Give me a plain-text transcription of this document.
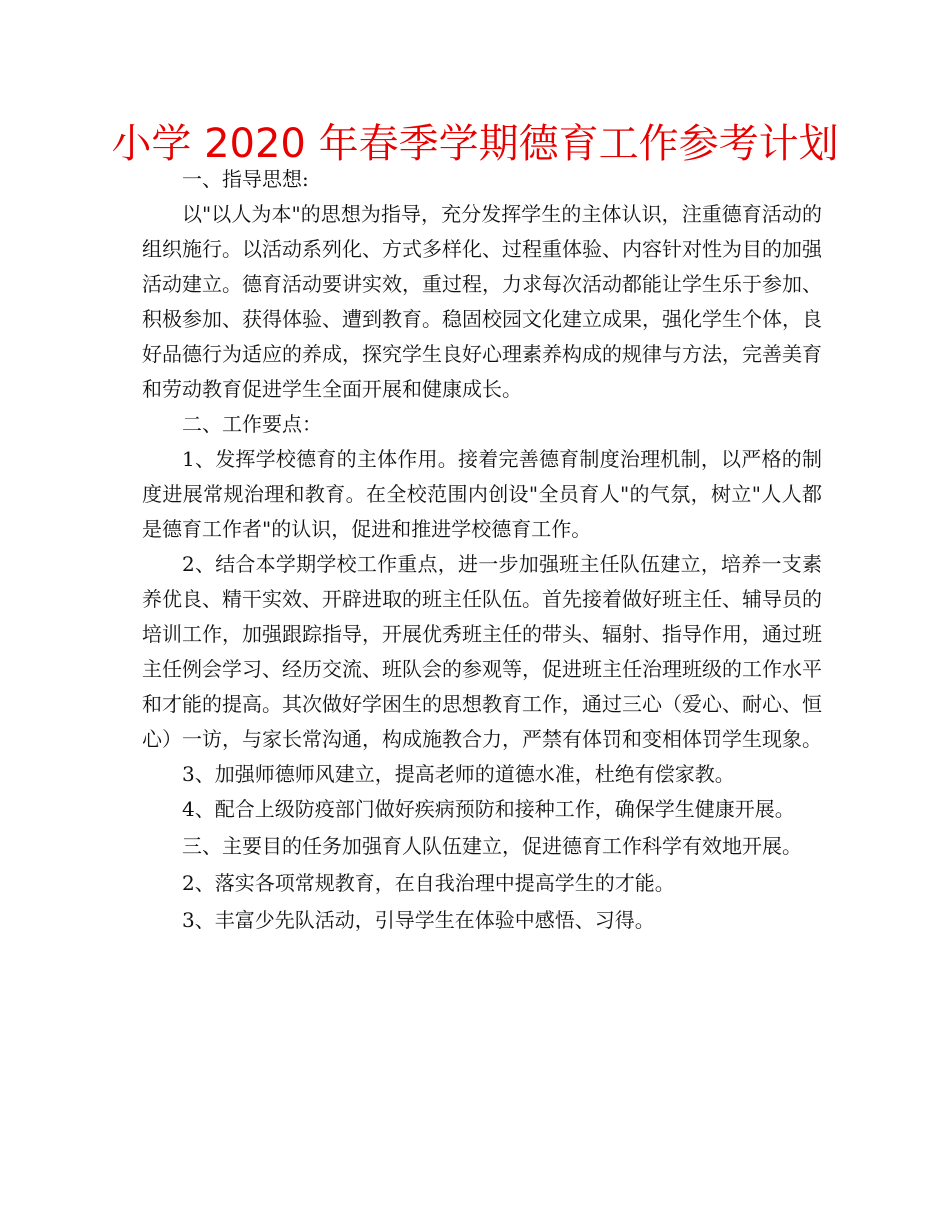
小学 2020 年春季学期德育工作参考计划

一、指导思想:

以"以人为本"的思想为指导，充分发挥学生的主体认识，注重德育活动的组织施行。以活动系列化、方式多样化、过程重体验、内容针对性为目的加强活动建立。德育活动要讲实效，重过程，力求每次活动都能让学生乐于参加、积极参加、获得体验、遭到教育。稳固校园文化建立成果，强化学生个体，良好品德行为适应的养成，探究学生良好心理素养构成的规律与方法，完善美育和劳动教育促进学生全面开展和健康成长。

二、工作要点：

1、发挥学校德育的主体作用。接着完善德育制度治理机制，以严格的制度进展常规治理和教育。在全校范围内创设"全员育人"的气氛，树立"人人都是德育工作者"的认识，促进和推进学校德育工作。

2、结合本学期学校工作重点，进一步加强班主任队伍建立，培养一支素养优良、精干实效、开辟进取的班主任队伍。首先接着做好班主任、辅导员的培训工作，加强跟踪指导，开展优秀班主任的带头、辐射、指导作用，通过班主任例会学习、经历交流、班队会的参观等，促进班主任治理班级的工作水平和才能的提高。其次做好学困生的思想教育工作，通过三心（爱心、耐心、恒心）一访，与家长常沟通，构成施教合力，严禁有体罚和变相体罚学生现象。

3、加强师德师风建立，提高老师的道德水准，杜绝有偿家教。

4、配合上级防疫部门做好疾病预防和接种工作，确保学生健康开展。

三、主要目的任务加强育人队伍建立，促进德育工作科学有效地开展。

2、落实各项常规教育，在自我治理中提高学生的才能。

3、丰富少先队活动，引导学生在体验中感悟、习得。
